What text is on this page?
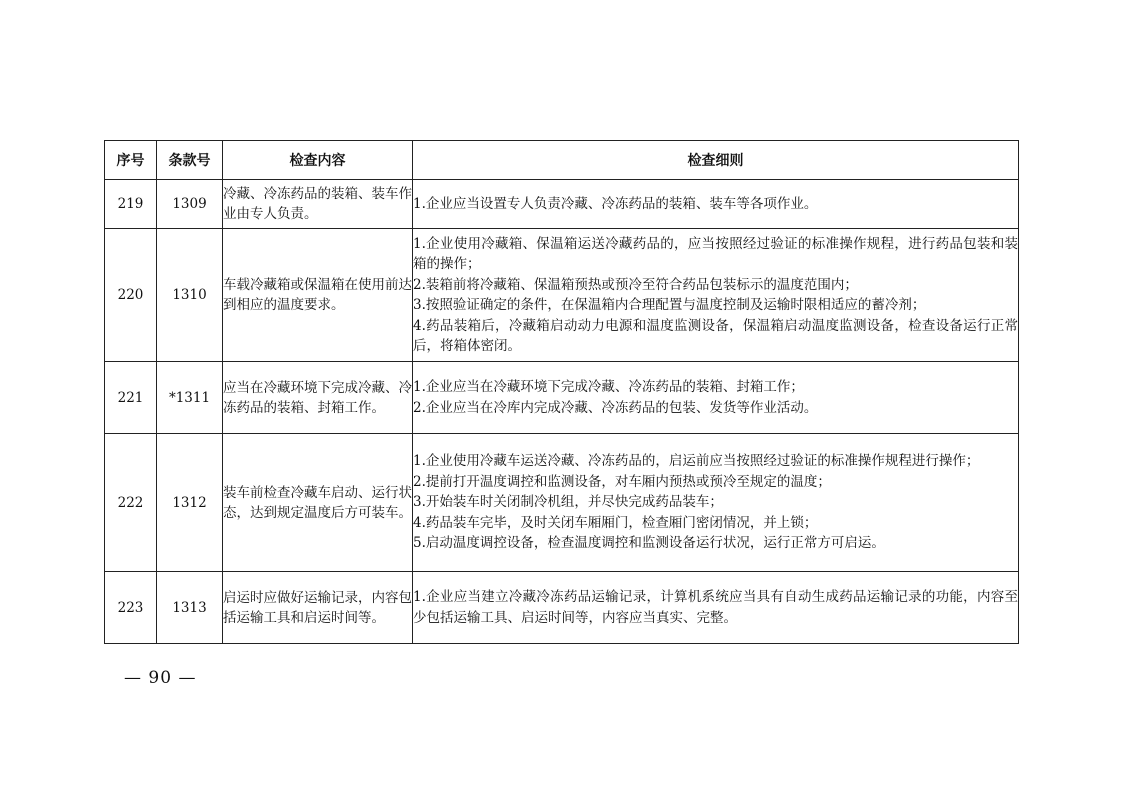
序号	条款号	检查内容	检查细则
219	1309	冷藏、冷冻药品的装箱、装车作业由专人负责。	1.企业应当设置专人负责冷藏、冷冻药品的装箱、装车等各项作业。

220	1310	车载冷藏箱或保温箱在使用前达到相应的温度要求。	1.企业使用冷藏箱、保温箱运送冷藏药品的，应当按照经过验证的标准操作规程，进行药品包装和装箱的操作；
2.装箱前将冷藏箱、保温箱预热或预冷至符合药品包装标示的温度范围内；
3.按照验证确定的条件，在保温箱内合理配置与温度控制及运输时限相适应的蓄冷剂；
4.药品装箱后，冷藏箱启动动力电源和温度监测设备，保温箱启动温度监测设备，检查设备运行正常后，将箱体密闭。

221	*1311	应当在冷藏环境下完成冷藏、冷冻药品的装箱、封箱工作。	1.企业应当在冷藏环境下完成冷藏、冷冻药品的装箱、封箱工作；
2.企业应当在冷库内完成冷藏、冷冻药品的包装、发货等作业活动。

222	1312	装车前检查冷藏车启动、运行状态，达到规定温度后方可装车。	1.企业使用冷藏车运送冷藏、冷冻药品的，启运前应当按照经过验证的标准操作规程进行操作；
2.提前打开温度调控和监测设备，对车厢内预热或预冷至规定的温度；
3.开始装车时关闭制冷机组，并尽快完成药品装车；
4.药品装车完毕，及时关闭车厢厢门，检查厢门密闭情况，并上锁；
5.启动温度调控设备，检查温度调控和监测设备运行状况，运行正常方可启运。

223	1313	启运时应做好运输记录，内容包括运输工具和启运时间等。	1.企业应当建立冷藏冷冻药品运输记录，计算机系统应当具有自动生成药品运输记录的功能，内容至少包括运输工具、启运时间等，内容应当真实、完整。
— 90 —
